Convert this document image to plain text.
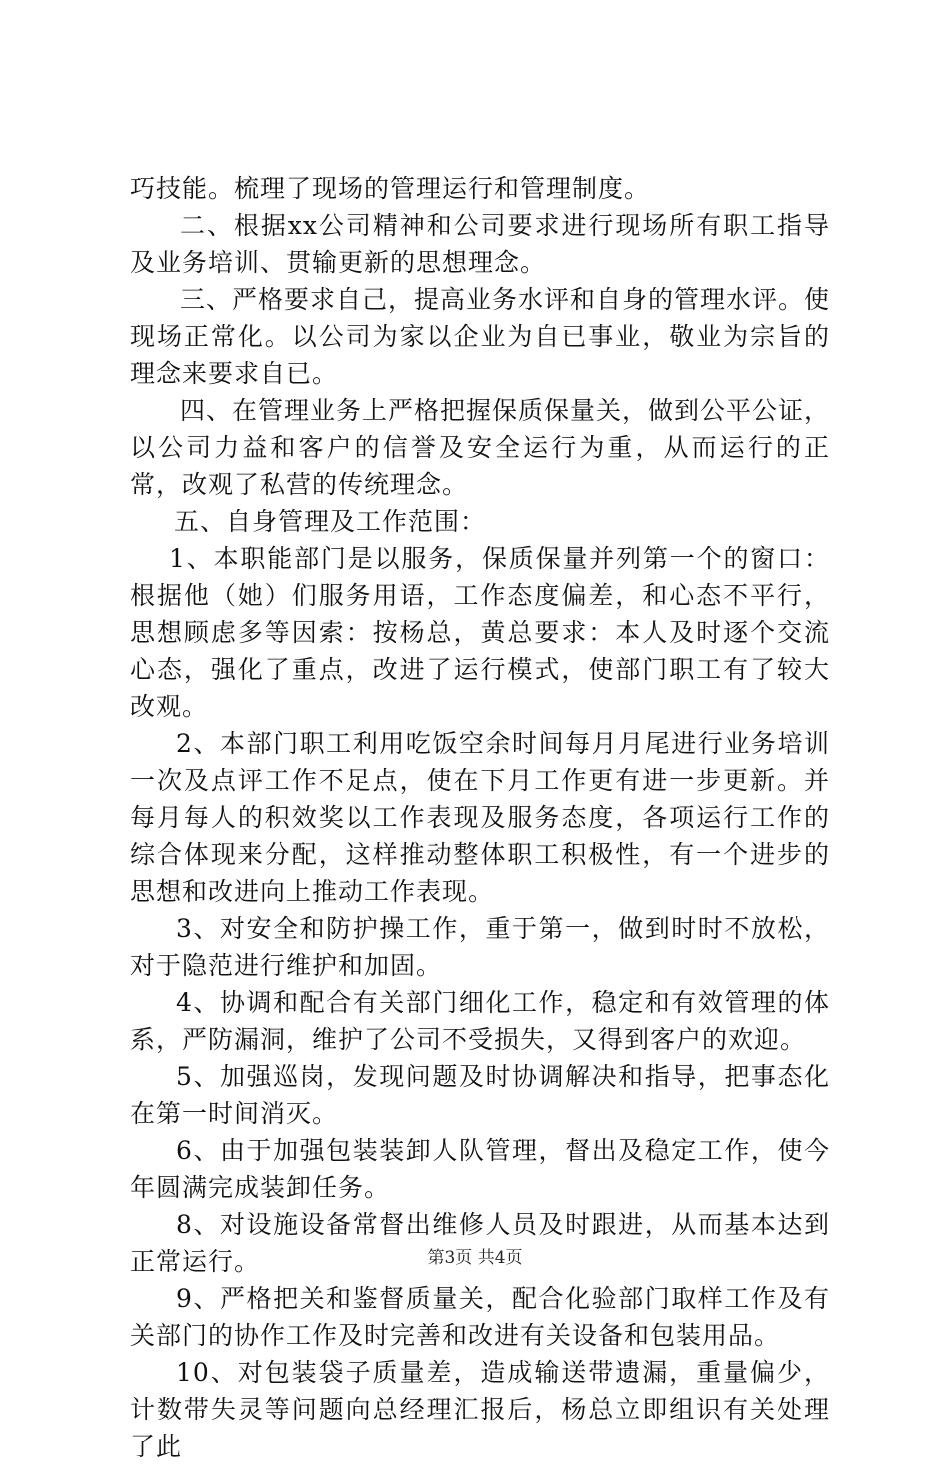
巧技能。梳理了现场的管理运行和管理制度。

二、根据xx公司精神和公司要求进行现场所有职工指导及业务培训、贯输更新的思想理念。

三、严格要求自己，提高业务水评和自身的管理水评。使现场正常化。以公司为家以企业为自已事业，敬业为宗旨的理念来要求自已。

四、在管理业务上严格把握保质保量关，做到公平公证，以公司力益和客户的信誉及安全运行为重，从而运行的正常，改观了私营的传统理念。

五、自身管理及工作范围：

1、本职能部门是以服务，保质保量并列第一个的窗口：根据他（她）们服务用语，工作态度偏差，和心态不平行，思想顾虑多等因索：按杨总，黄总要求：本人及时逐个交流心态，强化了重点，改进了运行模式，使部门职工有了较大改观。

2、本部门职工利用吃饭空余时间每月月尾进行业务培训一次及点评工作不足点，使在下月工作更有进一步更新。并每月每人的积效奖以工作表现及服务态度，各项运行工作的综合体现来分配，这样推动整体职工积极性，有一个进步的思想和改进向上推动工作表现。

3、对安全和防护操工作，重于第一，做到时时不放松，对于隐范进行维护和加固。

4、协调和配合有关部门细化工作，稳定和有效管理的体系，严防漏洞，维护了公司不受损失，又得到客户的欢迎。

5、加强巡岗，发现问题及时协调解决和指导，把事态化在第一时间消灭。

6、由于加强包装装卸人队管理，督出及稳定工作，使今年圆满完成装卸任务。

8、对设施设备常督出维修人员及时跟进，从而基本达到正常运行。

9、严格把关和鉴督质量关，配合化验部门取样工作及有关部门的协作工作及时完善和改进有关设备和包装用品。

10、对包装袋子质量差，造成输送带遗漏，重量偏少，计数带失灵等问题向总经理汇报后，杨总立即组识有关处理了此

第3页 共4页
